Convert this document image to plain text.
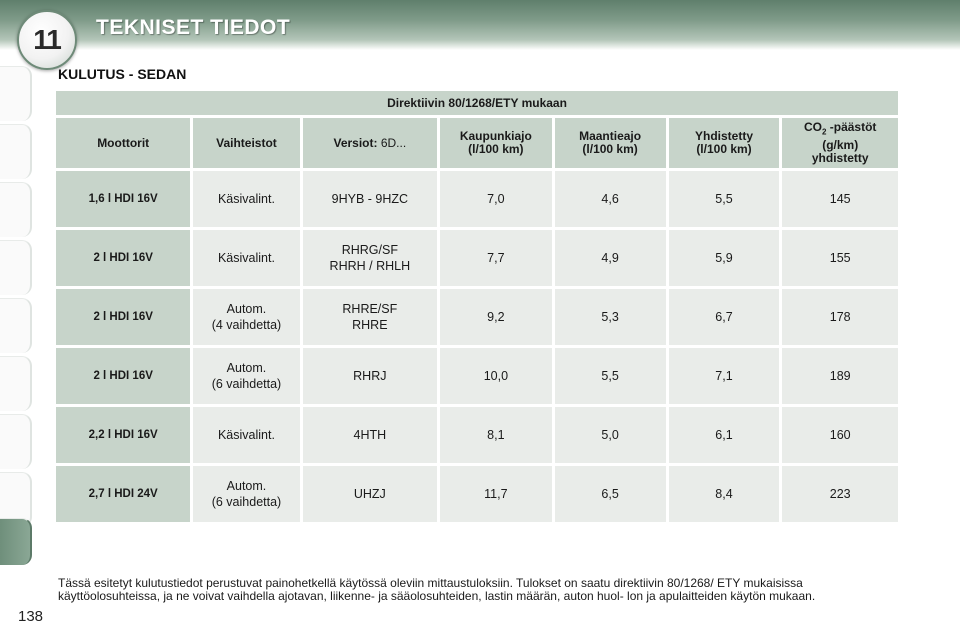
11 TEKNISET TIEDOT
KULUTUS - SEDAN
Direktiivin 80/1268/ETY mukaan						
Moottorit	Vaihteistot	Versiot: 6D...	Kaupunkiajo
(l/100 km)	Maantieajo
(l/100 km)	Yhdistetty
(l/100 km)	$CO_2$ -päästöt
(g/km)
yhdistetty
1,6 l HDI 16V	Käsivalint.	9HYB - 9HZC	7,0	4,6	5,5	145
2 l HDI 16V	Käsivalint.	RHRG/SF
RHRH / RHLH	7,7	4,9	5,9	155
2 l HDI 16V	Autom.
(4 vaihdetta)	RHRE/SF
RHRE	9,2	5,3	6,7	178
2 l HDI 16V	Autom.
(6 vaihdetta)	RHRJ	10,0	5,5	7,1	189
2,2 l HDI 16V	Käsivalint.	4HTH	8,1	5,0	6,1	160
2,7 l HDI 24V	Autom.
(6 vaihdetta)	UHZJ	11,7	6,5	8,4	223
Tässä esitetyt kulutustiedot perustuvat painohetkellä käytössä oleviin mittaustuloksiin. Tulokset on saatu direktiivin 80/1268/ ETY mukaisissa käyttöolosuhteissa, ja ne voivat vaihdella ajotavan, liikenne- ja sääolosuhteiden, lastin määrän, auton huol- lon ja apulaitteiden käytön mukaan.
138
